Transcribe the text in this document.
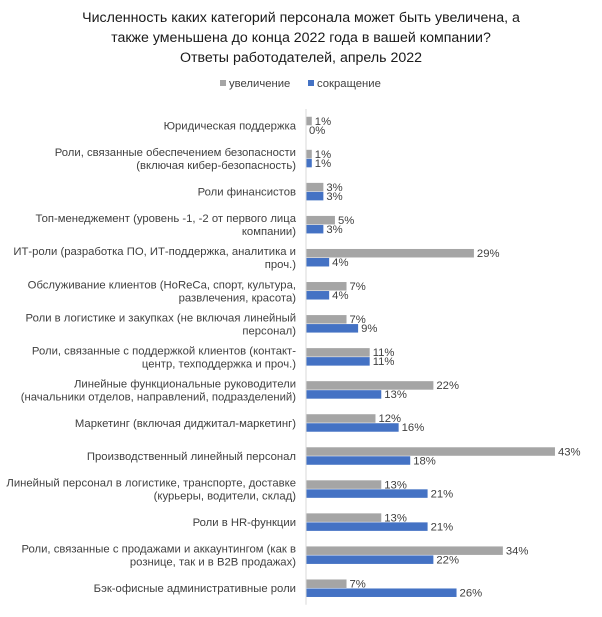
Численность каких категорий персонала может быть увеличена, а
также уменьшена до конца 2022 года в вашей компании?
Ответы работодателей, апрель 2022
увеличение сокращение
Юридическая поддержка
Роли, связанные обеспечением безопасности (включая кибер-безопасность)
Роли финансистов
Топ-менеджемент (уровень -1, -2 от первого лица компании)
ИТ-роли (разработка ПО, ИТ-поддержка, аналитика и проч.)
Обслуживание клиентов (HoReCa, спорт, культура, развлечения, красота)
Роли в логистике и закупках (не включая линейный персонал)
Роли, связанные с поддержкой клиентов (контакт-центр, техподдержка и проч.)
Линейные функциональные руководители (начальники отделов, направлений, подразделений)
Маркетинг (включая диджитал-маркетинг)
Производственный линейный персонал
Линейный персонал в логистике, транспорте, доставке (курьеры, водители, склад)
Роли в HR-функции
Роли, связанные с продажами и аккаунтингом (как в рознице, так и в B2B продажах)
Бэк-офисные административные роли
1%
0%
1%
1%
3%
3%
5%
3%
29%
4%
7%
4%
7%
9%
11%
11%
22%
13%
12%
16%
43%
18%
13%
21%
13%
21%
34%
22%
7%
26%
